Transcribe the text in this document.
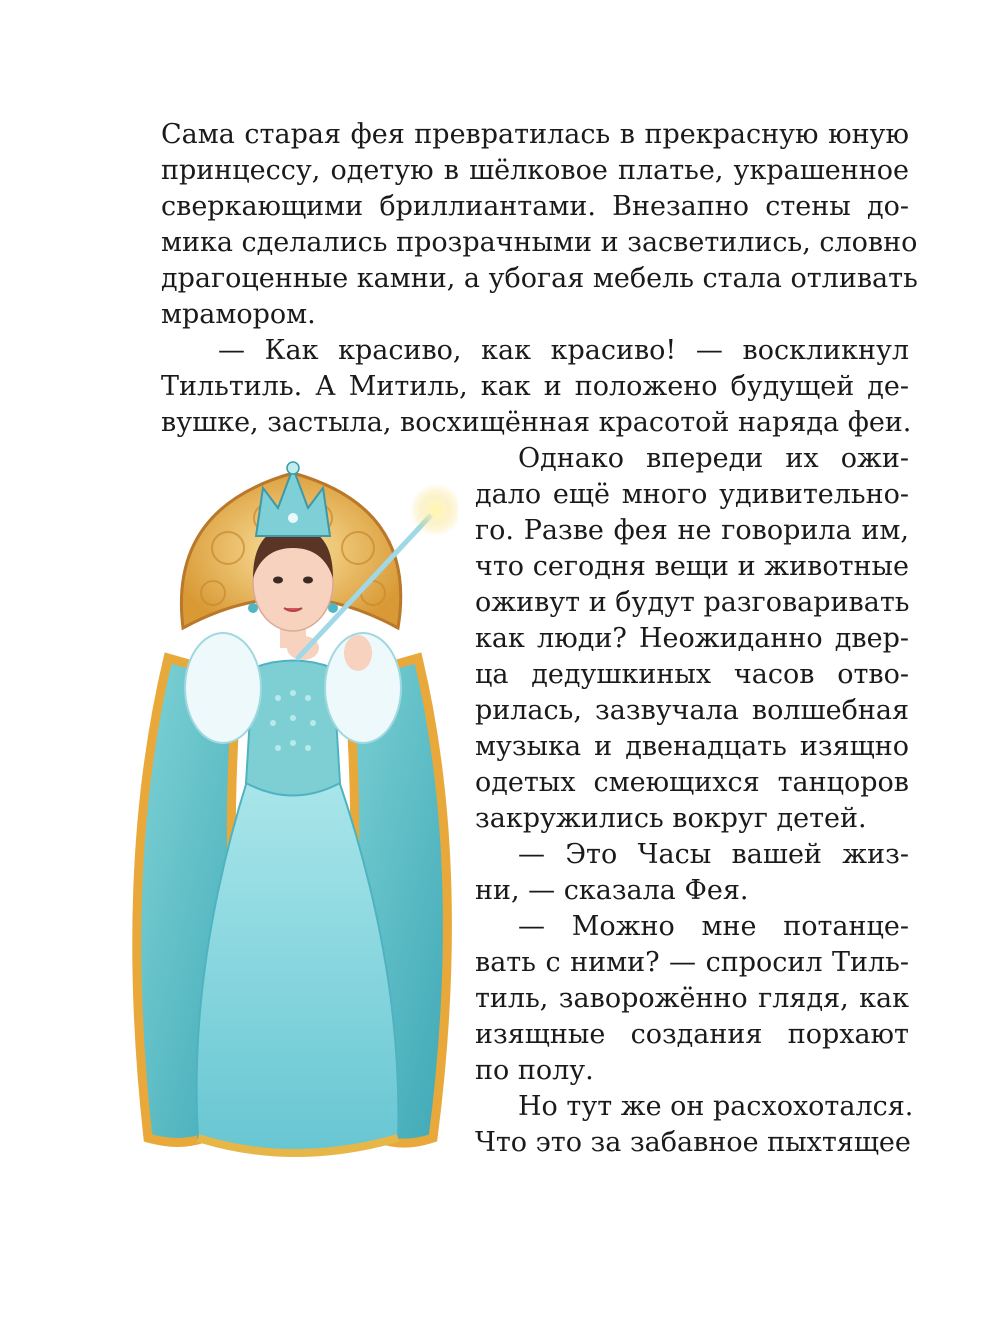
Сама старая фея превратилась в прекрасную юную
принцессу, одетую в шёлковое платье, украшенное
сверкающими бриллиантами. Внезапно стены до-
мика сделались прозрачными и засветились, словно
драгоценные камни, а убогая мебель стала отливать
мрамором.
— Как красиво, как красиво! — воскликнул
Тильтиль. А Митиль, как и положено будущей де-
вушке, застыла, восхищённая красотой наряда феи.
Однако впереди их ожи-
дало ещё много удивительно-
го. Разве фея не говорила им,
что сегодня вещи и животные
оживут и будут разговаривать
как люди? Неожиданно двер-
ца дедушкиных часов отво-
рилась, зазвучала волшебная
музыка и двенадцать изящно
одетых смеющихся танцоров
закружились вокруг детей.
— Это Часы вашей жиз-
ни, — сказала Фея.
— Можно мне потанце-
вать с ними? — спросил Тиль-
тиль, заворожённо глядя, как
изящные создания порхают
по полу.
Но тут же он расхохотался.
Что это за забавное пыхтящее
